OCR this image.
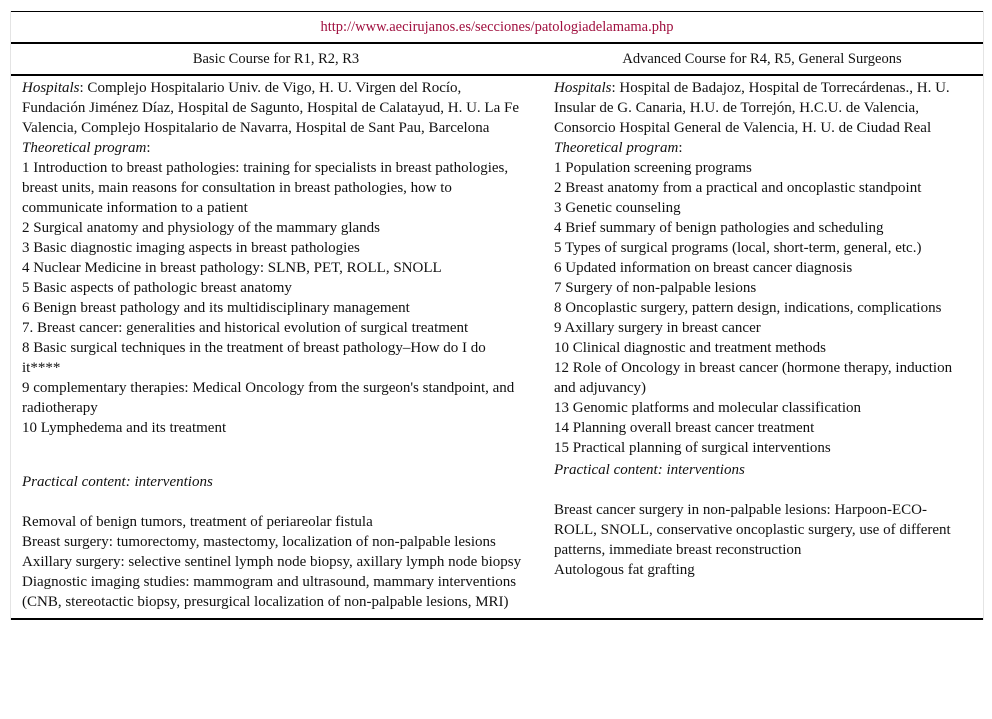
http://www.aecirujanos.es/secciones/patologiadelamama.php
Basic Course for R1, R2, R3	Advanced Course for R4, R5, General Surgeons
Hospitals: Complejo Hospitalario Univ. de Vigo, H. U. Virgen del Rocío, Fundación Jiménez Díaz, Hospital de Sagunto, Hospital de Calatayud, H. U. La Fe Valencia, Complejo Hospitalario de Navarra, Hospital de Sant Pau, Barcelona
Theoretical program:
1 Introduction to breast pathologies: training for specialists in breast pathologies, breast units, main reasons for consultation in breast pathologies, how to communicate information to a patient
2 Surgical anatomy and physiology of the mammary glands
3 Basic diagnostic imaging aspects in breast pathologies
4 Nuclear Medicine in breast pathology: SLNB, PET, ROLL, SNOLL
5 Basic aspects of pathologic breast anatomy
6 Benign breast pathology and its multidisciplinary management
7. Breast cancer: generalities and historical evolution of surgical treatment
8 Basic surgical techniques in the treatment of breast pathology–How do I do it****
9 complementary therapies: Medical Oncology from the surgeon's standpoint, and radiotherapy
10 Lymphedema and its treatment
Practical content: interventions
Removal of benign tumors, treatment of periareolar fistula
Breast surgery: tumorectomy, mastectomy, localization of non-palpable lesions
Axillary surgery: selective sentinel lymph node biopsy, axillary lymph node biopsy
Diagnostic imaging studies: mammogram and ultrasound, mammary interventions (CNB, stereotactic biopsy, presurgical localization of non-palpable lesions, MRI)
Hospitals: Hospital de Badajoz, Hospital de Torrecárdenas., H. U. Insular de G. Canaria, H.U. de Torrejón, H.C.U. de Valencia, Consorcio Hospital General de Valencia, H. U. de Ciudad Real
Theoretical program:
1 Population screening programs
2 Breast anatomy from a practical and oncoplastic standpoint
3 Genetic counseling
4 Brief summary of benign pathologies and scheduling
5 Types of surgical programs (local, short-term, general, etc.)
6 Updated information on breast cancer diagnosis
7 Surgery of non-palpable lesions
8 Oncoplastic surgery, pattern design, indications, complications
9 Axillary surgery in breast cancer
10 Clinical diagnostic and treatment methods
12 Role of Oncology in breast cancer (hormone therapy, induction and adjuvancy)
13 Genomic platforms and molecular classification
14 Planning overall breast cancer treatment
15 Practical planning of surgical interventions
Practical content: interventions
Breast cancer surgery in non-palpable lesions: Harpoon-ECO-ROLL, SNOLL, conservative oncoplastic surgery, use of different patterns, immediate breast reconstruction
Autologous fat grafting
